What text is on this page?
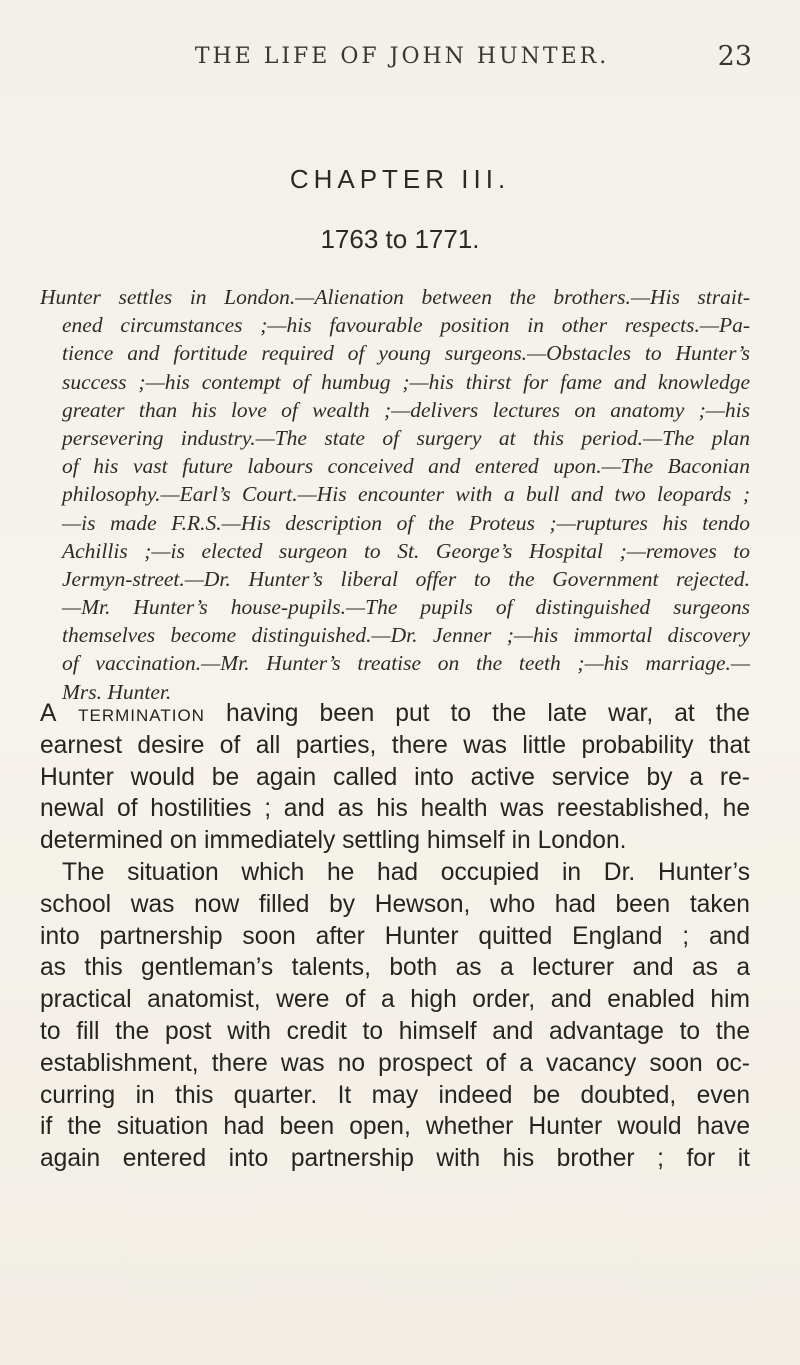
THE LIFE OF JOHN HUNTER.	23
CHAPTER III.
1763 to 1771.
Hunter settles in London.—Alienation between the brothers.—His strait-
ened circumstances ;—his favourable position in other respects.—Pa-
tience and fortitude required of young surgeons.—Obstacles to Hunter’s
success ;—his contempt of humbug ;—his thirst for fame and knowledge
greater than his love of wealth ;—delivers lectures on anatomy ;—his
persevering industry.—The state of surgery at this period.—The plan
of his vast future labours conceived and entered upon.—The Baconian
philosophy.—Earl’s Court.—His encounter with a bull and two leopards ;
—is made F.R.S.—His description of the Proteus ;—ruptures his tendo
Achillis ;—is elected surgeon to St. George’s Hospital ;—removes to
Jermyn-street.—Dr. Hunter’s liberal offer to the Government rejected.
—Mr. Hunter’s house-pupils.—The pupils of distinguished surgeons
themselves become distinguished.—Dr. Jenner ;—his immortal discovery
of vaccination.—Mr. Hunter’s treatise on the teeth ;—his marriage.—
Mrs. Hunter.
A termination having been put to the late war, at the
earnest desire of all parties, there was little probability that
Hunter would be again called into active service by a re-
newal of hostilities ; and as his health was reestablished, he
determined on immediately settling himself in London.
The situation which he had occupied in Dr. Hunter’s
school was now filled by Hewson, who had been taken
into partnership soon after Hunter quitted England ; and
as this gentleman’s talents, both as a lecturer and as a
practical anatomist, were of a high order, and enabled him
to fill the post with credit to himself and advantage to the
establishment, there was no prospect of a vacancy soon oc-
curring in this quarter. It may indeed be doubted, even
if the situation had been open, whether Hunter would have
again entered into partnership with his brother ; for it
